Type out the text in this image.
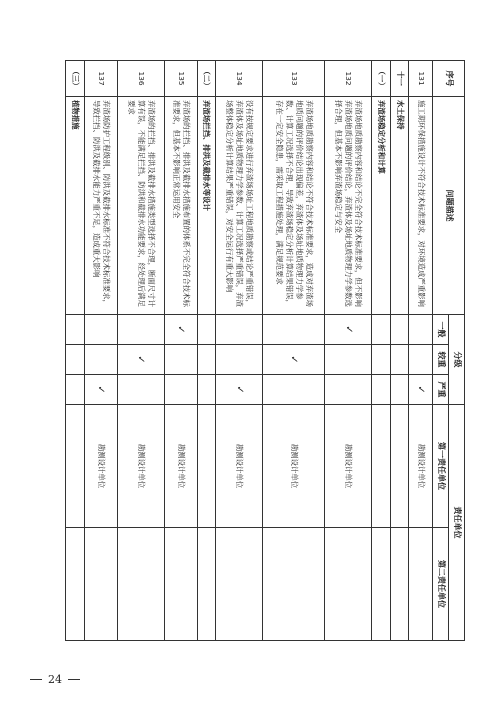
序号	问题描述	分级			责任单位	
		一般	较重	严重	第一责任单位	第二责任单位
131	施工期环保措施设计不符合技术标准要求，对环境造成严重影响			✓	勘测设计单位	
十一	水土保持					
（一）	弃渣场稳定分析和计算					
132	弃渣场地质勘察内容和结论不完全符合技术标准要求，但不影响弃渣场地质问题的评价结论，弃渣体及场址地质物理力学参数选择合理，但基本不影响弃渣场稳定与安全	✓			勘测设计单位	
133	弃渣场地质勘察内容和结论不符合技术标准要求，造成对弃渣场地质问题的评价结论出现偏差，弃渣体及场址地质物理力学参数、计算工况选择不合理，导致弃渣场稳定分析计算结果错误，存在一定安全隐患，需采取工程措施处理，满足规范要求		✓		勘测设计单位	
134	没有按规定要求进行弃渣场场址工程地质勘察或结论严重错误，弃渣体及场址地质物理力学参数、计算工况选择严重错误，弃渣场整体稳定分析计算结果严重错误，对安全运行有重大影响			✓	勘测设计单位	
（二）	弃渣场拦挡、排洪及截排水等设计					
135	弃渣场的拦挡、排洪及截排水措施布置的体系不完全符合技术标准要求，但基本不影响正常运用安全	✓			勘测设计单位	
136	弃渣场的拦挡、排洪及截排水措施类型选择不合理，断面尺寸计算有误，不能满足拦挡、防洪和截排水功能要求，经处理后满足要求		✓		勘测设计单位	
137	弃渣场防护工程级别、防洪及截排水标准不符合技术标准要求，导致拦挡、防洪及截排水能力严重不足，造成重大影响			✓	勘测设计单位	
（三）	植物措施					
24
